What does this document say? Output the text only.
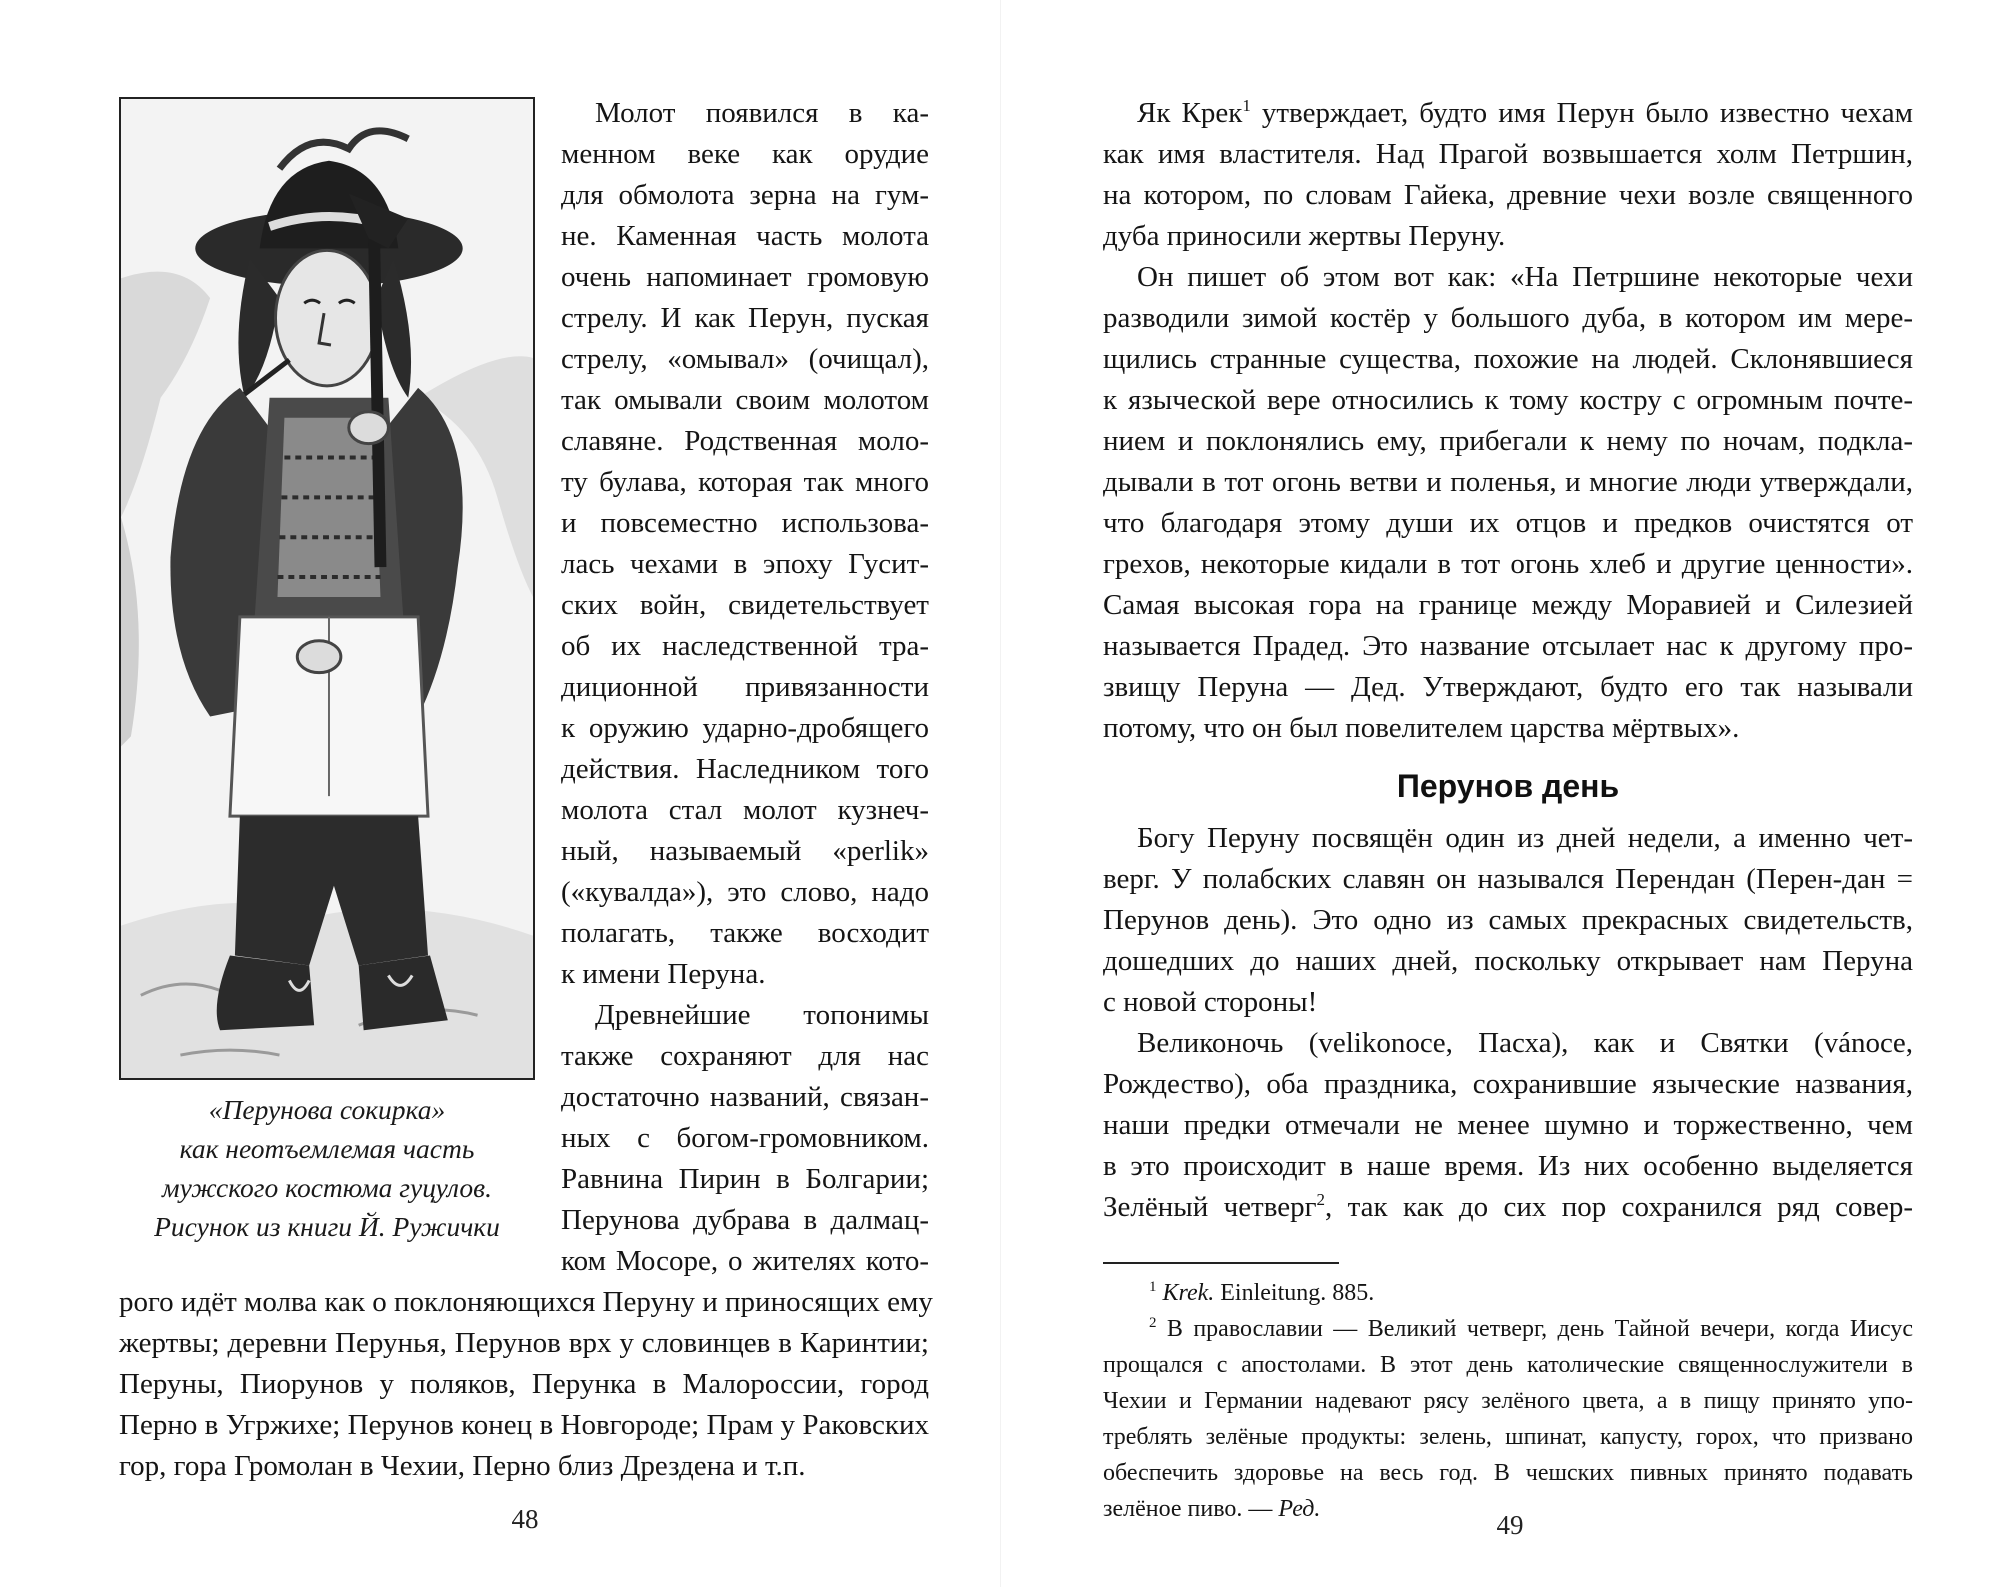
«Перунова сокирка»
как неотъемлемая часть
мужского костюма гуцулов.
Рисунок из книги Й. Ружички
Молот появился в ка-
менном веке как орудие
для обмолота зерна на гум-
не. Каменная часть молота
очень напоминает громовую
стрелу. И как Перун, пуская
стрелу, «омывал» (очищал),
так омывали своим молотом
славяне. Родственная моло-
ту булава, которая так много
и повсеместно использова-
лась чехами в эпоху Гусит-
ских войн, свидетельствует
об их наследственной тра-
диционной привязанности
к оружию ударно-дробящего
действия. Наследником того
молота стал молот кузнеч-
ный, называемый «perlik»
(«кувалда»), это слово, надо
полагать, также восходит
к имени Перуна.
Древнейшие топонимы
также сохраняют для нас
достаточно названий, связан-
ных с богом-громовником.
Равнина Пирин в Болгарии;
Перунова дубрава в далмац-
ком Мосоре, о жителях кото-
рого идёт молва как о поклоняющихся Перуну и приносящих ему
жертвы; деревни Перунья, Перунов врх у словинцев в Каринтии;
Перуны, Пиорунов у поляков, Перунка в Малороссии, город
Перно в Угржихе; Перунов конец в Новгороде; Прам у Раковских
гор, гора Громолан в Чехии, Перно близ Дрездена и т.п.
48
Як Крек$^1$ утверждает, будто имя Перун было известно чехам
как имя властителя. Над Прагой возвышается холм Петршин,
на котором, по словам Гайека, древние чехи возле священного
дуба приносили жертвы Перуну.
Он пишет об этом вот как: «На Петршине некоторые чехи
разводили зимой костёр у большого дуба, в котором им мере-
щились странные существа, похожие на людей. Склонявшиеся
к языческой вере относились к тому костру с огромным почте-
нием и поклонялись ему, прибегали к нему по ночам, подкла-
дывали в тот огонь ветви и поленья, и многие люди утверждали,
что благодаря этому души их отцов и предков очистятся от
грехов, некоторые кидали в тот огонь хлеб и другие ценности».
Самая высокая гора на границе между Моравией и Силезией
называется Прадед. Это название отсылает нас к другому про-
звищу Перуна — Дед. Утверждают, будто его так называли
потому, что он был повелителем царства мёртвых».
Перунов день
Богу Перуну посвящён один из дней недели, а именно чет-
верг. У полабских славян он назывался Перендан (Перен-дан =
Перунов день). Это одно из самых прекрасных свидетельств,
дошедших до наших дней, поскольку открывает нам Перуна
с новой стороны!
Великоночь (velikonoce, Пасха), как и Святки (vánoce,
Рождество), оба праздника, сохранившие языческие названия,
наши предки отмечали не менее шумно и торжественно, чем
в это происходит в наше время. Из них особенно выделяется
Зелёный четверг$^2$, так как до сих пор сохранился ряд совер-
$^1$ Krek. Einleitung. 885.
$^2$ В православии — Великий четверг, день Тайной вечери, когда Иисус
прощался с апостолами. В этот день католические священнослужители в
Чехии и Германии надевают рясу зелёного цвета, а в пищу принято упо-
треблять зелёные продукты: зелень, шпинат, капусту, горох, что призвано
обеспечить здоровье на весь год. В чешских пивных принято подавать
зелёное пиво. — Ред.
49
